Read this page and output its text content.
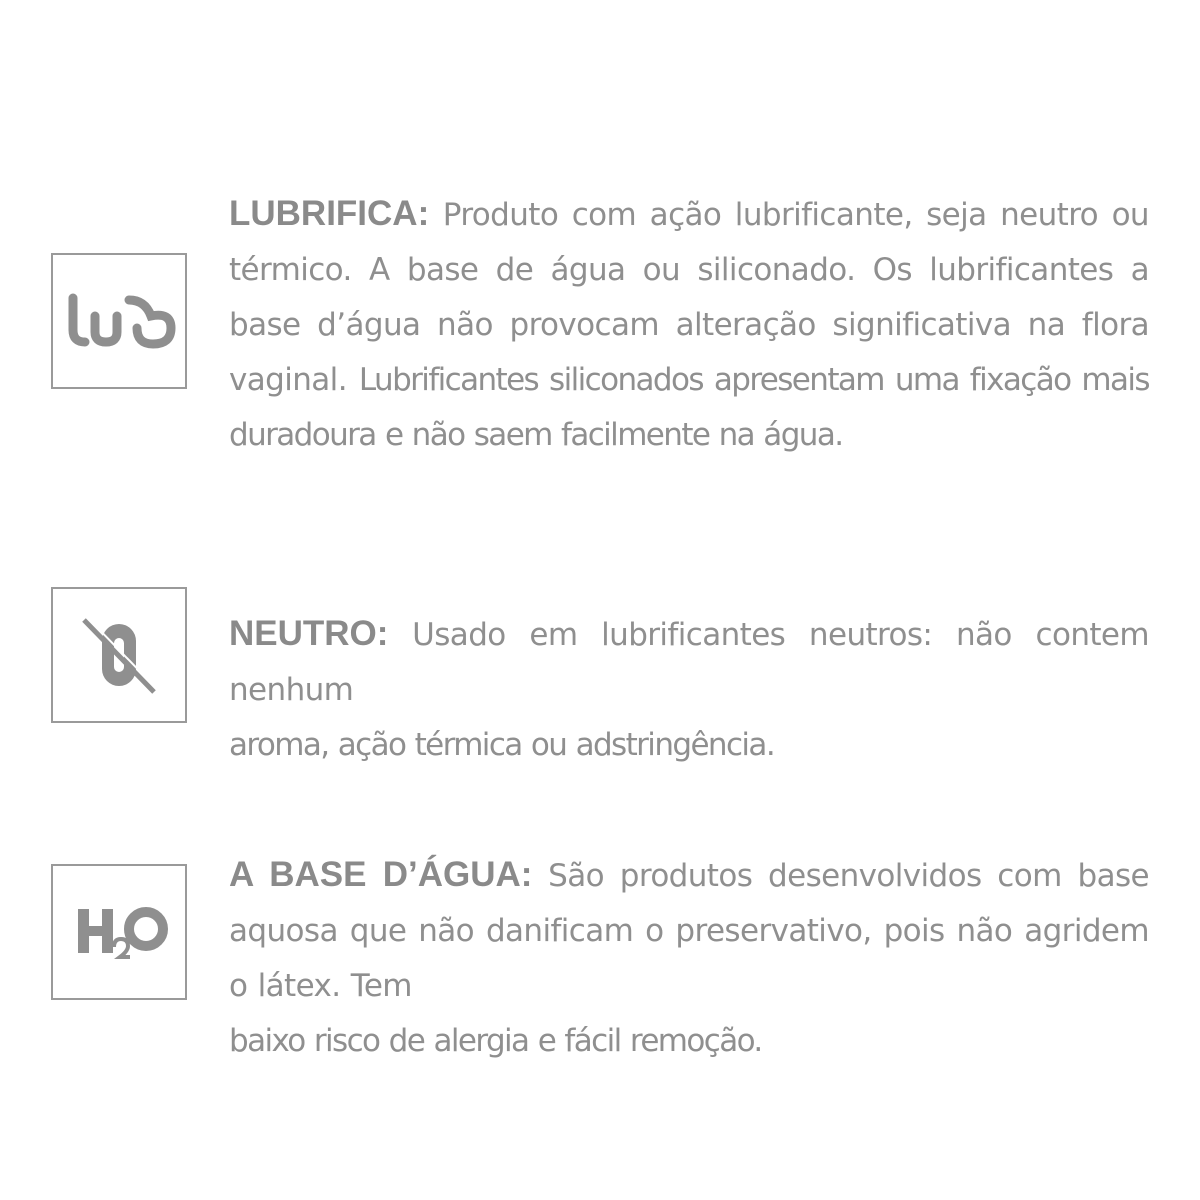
LUBRIFICA: Produto com ação lubrificante, seja neutro ou térmico. A base de água ou siliconado. Os lubrificantes a base d’água não provocam alteração significativa na flora vaginal. Lubrificantes siliconados apresentam uma fixação mais duradoura e não saem facilmente na água.

NEUTRO: Usado em lubrificantes neutros: não contem nenhum
aroma, ação térmica ou adstringência.

A BASE D’ÁGUA: São produtos desenvolvidos com base aquosa que não danificam o preservativo, pois não agridem o látex. Tem
baixo risco de alergia e fácil remoção.
